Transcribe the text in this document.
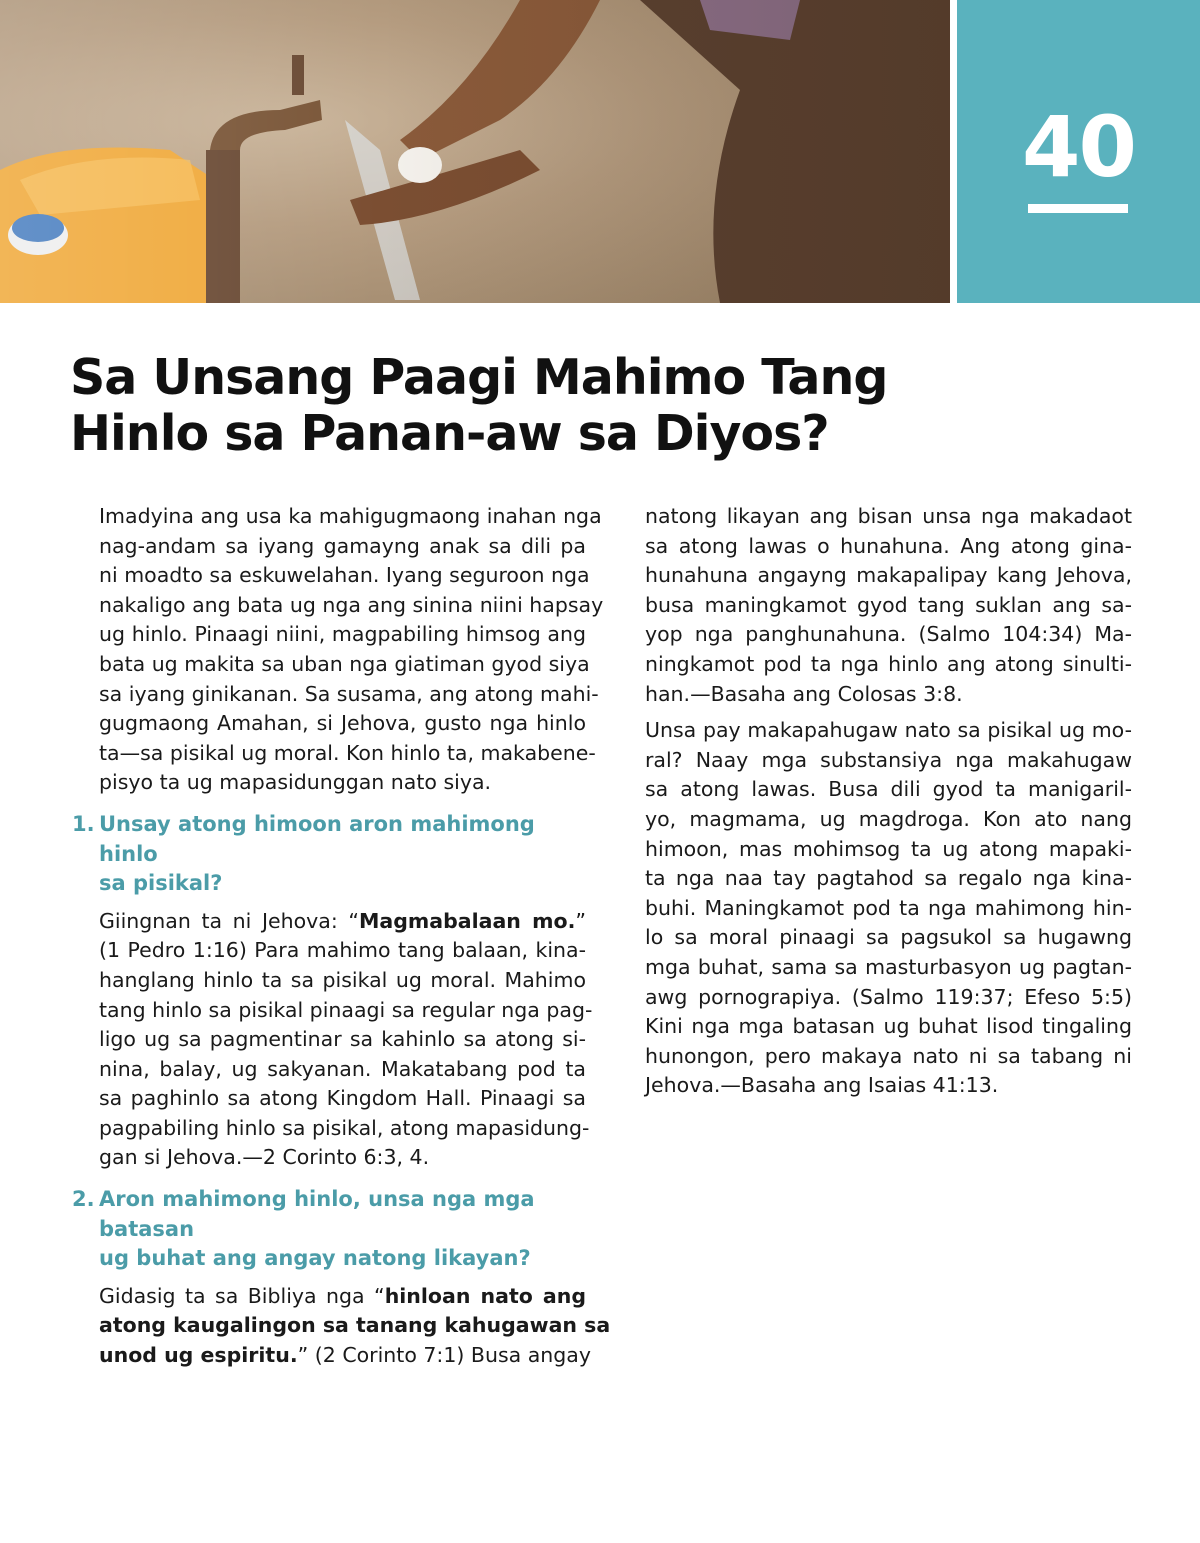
40
Sa Unsang Paagi Mahimo Tang
Hinlo sa Panan-aw sa Diyos?
Imadyina ang usa ka mahigugmaong inahan nga
nag-andam sa iyang gamayng anak sa dili pa
ni moadto sa eskuwelahan. Iyang seguroon nga
nakaligo ang bata ug nga ang sinina niini hapsay
ug hinlo. Pinaagi niini, magpabiling himsog ang
bata ug makita sa uban nga giatiman gyod siya
sa iyang ginikanan. Sa susama, ang atong mahi-
gugmaong Amahan, si Jehova, gusto nga hinlo
ta—sa pisikal ug moral. Kon hinlo ta, makabene-
pisyo ta ug mapasidunggan nato siya.
1. Unsay atong himoon aron mahimong hinlo
sa pisikal?
Giingnan ta ni Jehova: “Magmabalaan mo.”
(1 Pedro 1:16) Para mahimo tang balaan, kina-
hanglang hinlo ta sa pisikal ug moral. Mahimo
tang hinlo sa pisikal pinaagi sa regular nga pag-
ligo ug sa pagmentinar sa kahinlo sa atong si-
nina, balay, ug sakyanan. Makatabang pod ta
sa paghinlo sa atong Kingdom Hall. Pinaagi sa
pagpabiling hinlo sa pisikal, atong mapasidung-
gan si Jehova.—2 Corinto 6:3, 4.
2. Aron mahimong hinlo, unsa nga mga batasan
ug buhat ang angay natong likayan?
Gidasig ta sa Bibliya nga “hinloan nato ang
atong kaugalingon sa tanang kahugawan sa
unod ug espiritu.” (2 Corinto 7:1) Busa angay
natong likayan ang bisan unsa nga makadaot
sa atong lawas o hunahuna. Ang atong gina-
hunahuna angayng makapalipay kang Jehova,
busa maningkamot gyod tang suklan ang sa-
yop nga panghunahuna. (Salmo 104:34) Ma-
ningkamot pod ta nga hinlo ang atong sinulti-
han.—Basaha ang Colosas 3:8.
Unsa pay makapahugaw nato sa pisikal ug mo-
ral? Naay mga substansiya nga makahugaw
sa atong lawas. Busa dili gyod ta manigaril-
yo, magmama, ug magdroga. Kon ato nang
himoon, mas mohimsog ta ug atong mapaki-
ta nga naa tay pagtahod sa regalo nga kina-
buhi. Maningkamot pod ta nga mahimong hin-
lo sa moral pinaagi sa pagsukol sa hugawng
mga buhat, sama sa masturbasyon ug pagtan-
awg pornograpiya. (Salmo 119:37; Efeso 5:5)
Kini nga mga batasan ug buhat lisod tingaling
hunongon, pero makaya nato ni sa tabang ni
Jehova.—Basaha ang Isaias 41:13.
